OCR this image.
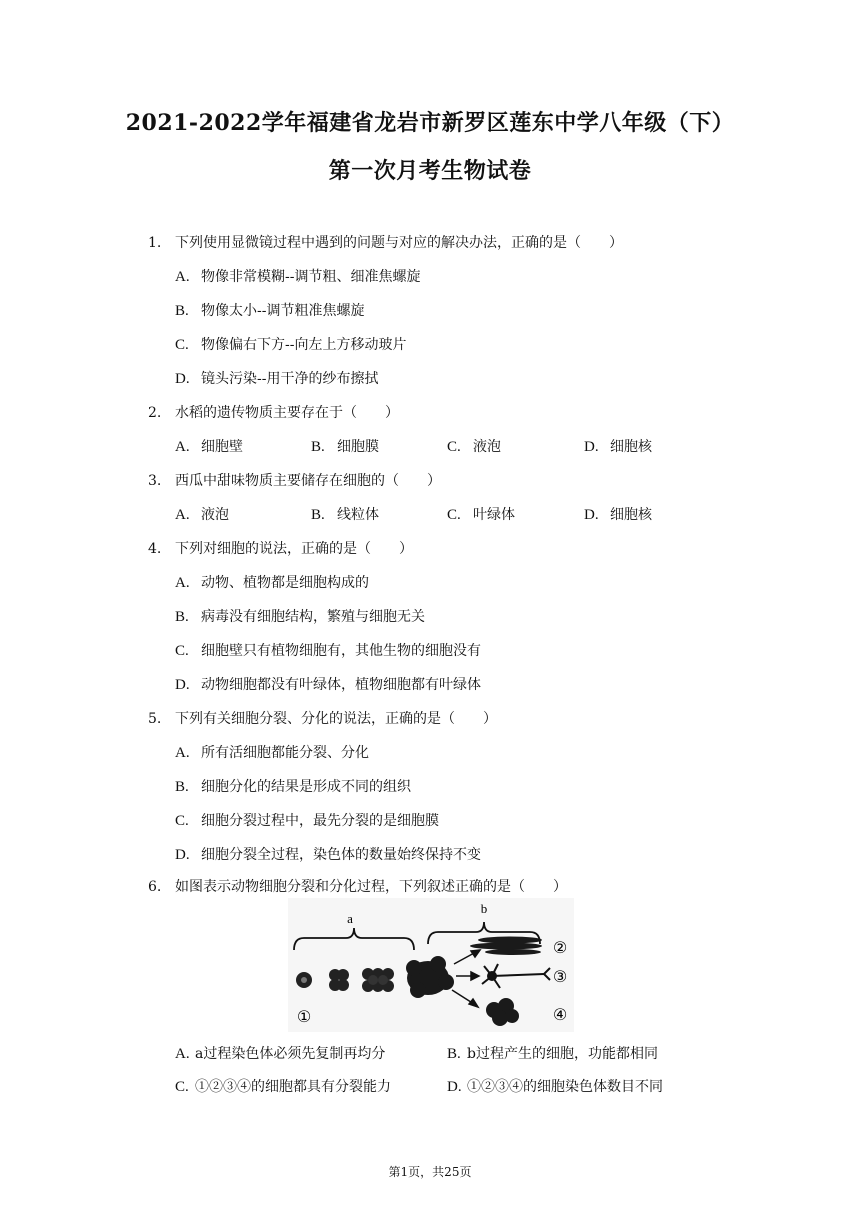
2021-2022学年福建省龙岩市新罗区莲东中学八年级（下）
第一次月考生物试卷
1. 下列使用显微镜过程中遇到的问题与对应的解决办法，正确的是（　　）
A. 物像非常模糊--调节粗、细准焦螺旋
B. 物像太小--调节粗准焦螺旋
C. 物像偏右下方--向左上方移动玻片
D. 镜头污染--用干净的纱布擦拭
2. 水稻的遗传物质主要存在于（　　）
A. 细胞壁	B. 细胞膜	C. 液泡	D. 细胞核
3. 西瓜中甜味物质主要储存在细胞的（　　）
A. 液泡	B. 线粒体	C. 叶绿体	D. 细胞核
4. 下列对细胞的说法，正确的是（　　）
A. 动物、植物都是细胞构成的
B. 病毒没有细胞结构，繁殖与细胞无关
C. 细胞壁只有植物细胞有，其他生物的细胞没有
D. 动物细胞都没有叶绿体，植物细胞都有叶绿体
5. 下列有关细胞分裂、分化的说法，正确的是（　　）
A. 所有活细胞都能分裂、分化
B. 细胞分化的结果是形成不同的组织
C. 细胞分裂过程中，最先分裂的是细胞膜
D. 细胞分裂全过程，染色体的数量始终保持不变
6. 如图表示动物细胞分裂和分化过程，下列叙述正确的是（　　）
a
b
①
②
③
④
A. a过程染色体必须先复制再均分	B. b过程产生的细胞，功能都相同
C. ①②③④的细胞都具有分裂能力	D. ①②③④的细胞染色体数目不同
第1页，共25页
